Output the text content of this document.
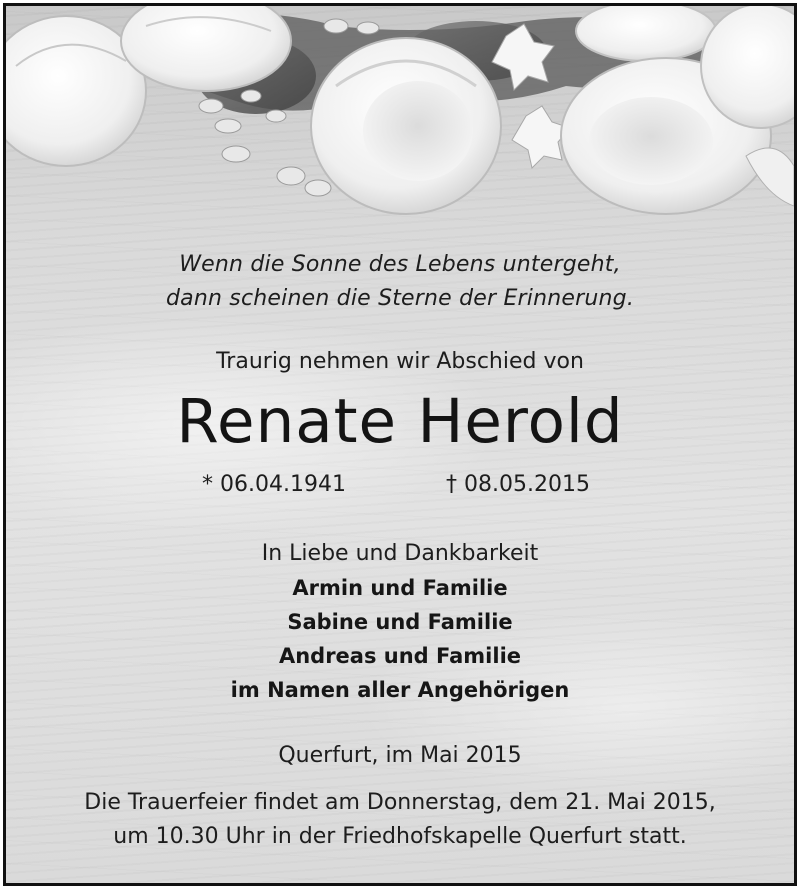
Wenn die Sonne des Lebens untergeht,
dann scheinen die Sterne der Erinnerung.
Traurig nehmen wir Abschied von
Renate Herold
* 06.04.1941	† 08.05.2015
In Liebe und Dankbarkeit
Armin und Familie
Sabine und Familie
Andreas und Familie
im Namen aller Angehörigen
Querfurt, im Mai 2015
Die Trauerfeier findet am Donnerstag, dem 21. Mai 2015,
um 10.30 Uhr in der Friedhofskapelle Querfurt statt.
